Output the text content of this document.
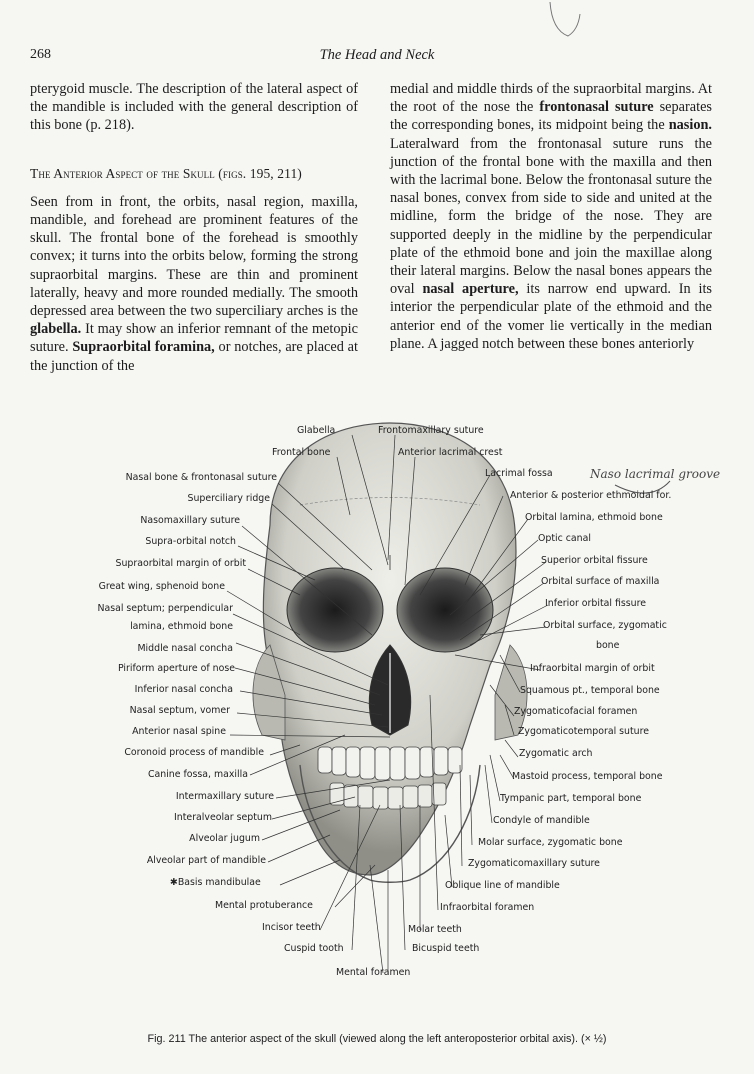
268	The Head and Neck

pterygoid muscle. The description of the lateral aspect of the mandible is included with the general description of this bone (p. 218).

The Anterior Aspect of the Skull (figs. 195, 211)

Seen from in front, the orbits, nasal region, maxilla, mandible, and forehead are prominent features of the skull. The frontal bone of the forehead is smoothly convex; it turns into the orbits below, forming the strong supraorbital margins. These are thin and prominent laterally, heavy and more rounded medially. The smooth depressed area between the two superciliary arches is the glabella. It may show an inferior remnant of the metopic suture. Supraorbital foramina, or notches, are placed at the junction of the

medial and middle thirds of the supraorbital margins. At the root of the nose the frontonasal suture separates the corresponding bones, its midpoint being the nasion. Lateralward from the frontonasal suture runs the junction of the frontal bone with the maxilla and then with the lacrimal bone. Below the frontonasal suture the nasal bones, convex from side to side and united at the midline, form the bridge of the nose. They are supported deeply in the midline by the perpendicular plate of the ethmoid bone and join the maxillae along their lateral margins. Below the nasal bones appears the oval nasal aperture, its narrow end upward. In its interior the perpendicular plate of the ethmoid and the anterior end of the vomer lie vertically in the median plane. A jagged notch between these bones anteriorly

Glabella
Frontal bone
Frontomaxillary suture
Anterior lacrimal crest
Nasal bone & frontonasal suture
Superciliary ridge
Nasomaxillary suture
Supra-orbital notch
Supraorbital margin of orbit
Great wing, sphenoid bone
Nasal septum; perpendicular
lamina, ethmoid bone
Middle nasal concha
Piriform aperture of nose
Inferior nasal concha
Nasal septum, vomer
Anterior nasal spine
Coronoid process of mandible
Canine fossa, maxilla
Intermaxillary suture
Interalveolar septum
Alveolar jugum
Alveolar part of mandible
✱Basis mandibulae
Mental protuberance
Incisor teeth
Cuspid tooth
Lacrimal fossa
Anterior & posterior ethmoidal for.
Orbital lamina, ethmoid bone
Optic canal
Superior orbital fissure
Orbital surface of maxilla
Inferior orbital fissure
Orbital surface, zygomatic
bone
Infraorbital margin of orbit
Squamous pt., temporal bone
Zygomaticofacial foramen
Zygomaticotemporal suture
Zygomatic arch
Mastoid process, temporal bone
Tympanic part, temporal bone
Condyle of mandible
Molar surface, zygomatic bone
Zygomaticomaxillary suture
Oblique line of mandible
Infraorbital foramen
Molar teeth
Bicuspid teeth
Mental foramen
Naso lacrimal groove
Fig. 211 The anterior aspect of the skull (viewed along the left anteroposterior orbital axis). (× ½)
